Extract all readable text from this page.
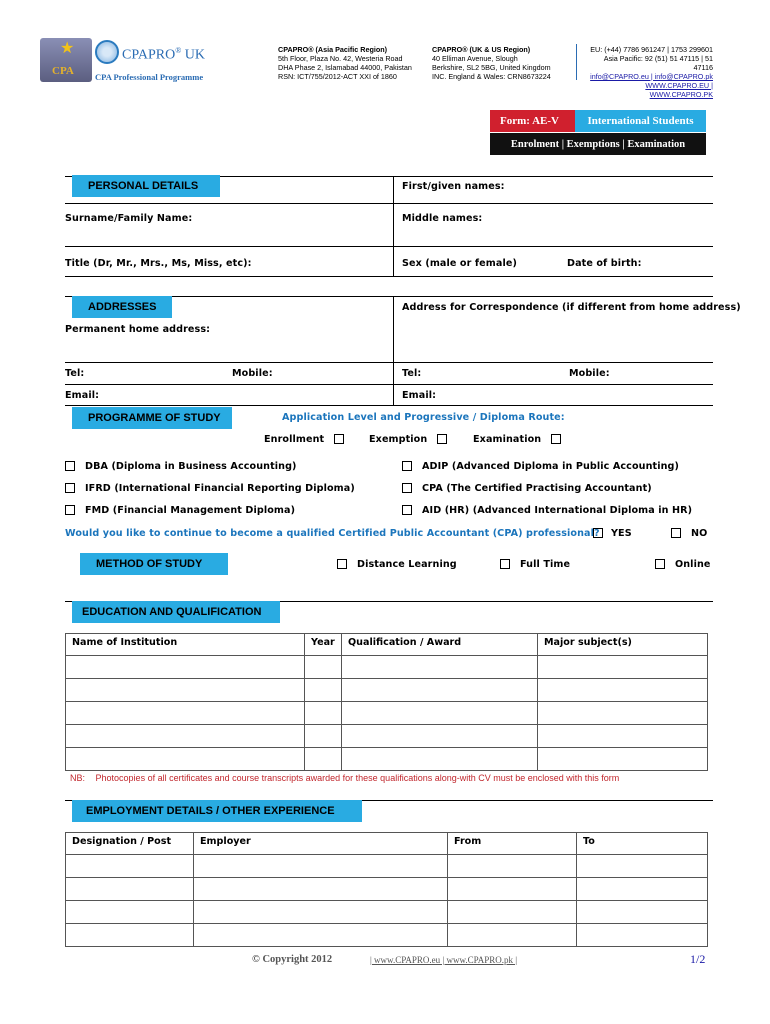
★
CPA
CPAPRO® UK
CPA Professional Programme
CPAPRO® (Asia Pacific Region)
5th Floor, Plaza No. 42, Westeria Road
DHA Phase 2, Islamabad 44000, Pakistan
RSN: ICT/755/2012-ACT XXI of 1860
CPAPRO® (UK & US Region)
40 Elliman Avenue, Slough
Berkshire, SL2 5BG, United Kingdom
INC. England & Wales: CRN8673224
EU: (+44) 7786 961247 | 1753 299601
Asia Pacific: 92 (51) 51 47115 | 51 47116
info@CPAPRO.eu | info@CPAPRO.pk
WWW.CPAPRO.EU | WWW.CPAPRO.PK
Form: AE-V	International Students
Enrolment | Exemptions | Examination
PERSONAL DETAILS	First/given names:
Surname/Family Name:	Middle names:
Title (Dr, Mr., Mrs., Ms, Miss, etc):	Sex (male or female)	Date of birth:
ADDRESSES	Address for Correspondence (if different from home address)
Permanent home address:
Tel:	Mobile:	Tel:	Mobile:
Email:	Email:
PROGRAMME OF STUDY	Application Level and Progressive / Diploma Route:
Enrollment	Exemption	Examination
DBA (Diploma in Business Accounting)	ADIP (Advanced Diploma in Public Accounting)
IFRD (International Financial Reporting Diploma)	CPA (The Certified Practising Accountant)
FMD (Financial Management Diploma)	AID (HR) (Advanced International Diploma in HR)
Would you like to continue to become a qualified Certified Public Accountant (CPA) professional?	YES	NO
METHOD OF STUDY	Distance Learning	Full Time	Online
EDUCATION AND QUALIFICATION
Name of Institution	Year	Qualification / Award	Major subject(s)

NB: Photocopies of all certificates and course transcripts awarded for these qualifications along-with CV must be enclosed with this form
EMPLOYMENT DETAILS / OTHER EXPERIENCE
Designation / Post	Employer	From	To

© Copyright 2012	| www.CPAPRO.eu | www.CPAPRO.pk |	1/2
